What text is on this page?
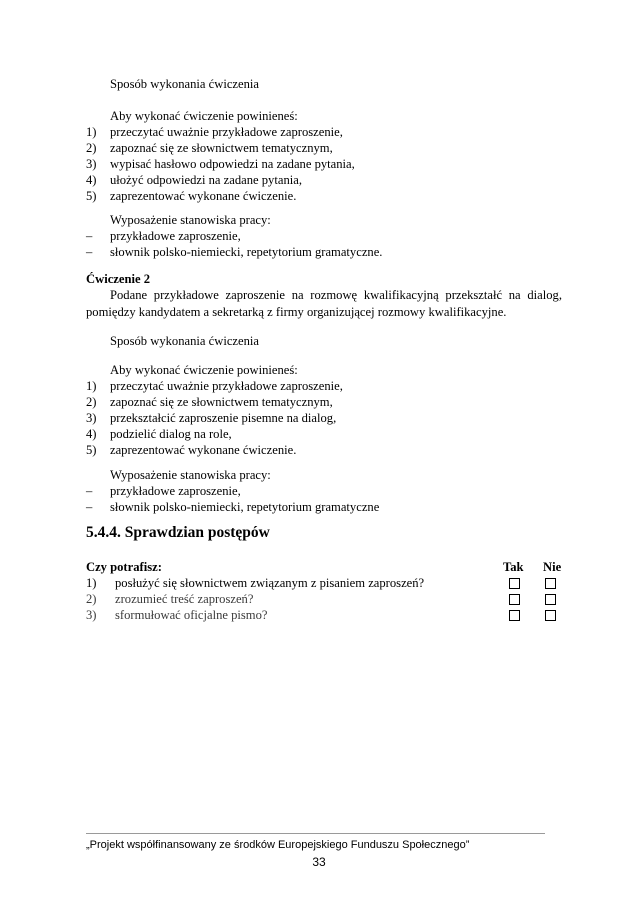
Sposób wykonania ćwiczenia
Aby wykonać ćwiczenie powinieneś:
1) przeczytać uważnie przykładowe zaproszenie,
2) zapoznać się ze słownictwem tematycznym,
3) wypisać hasłowo odpowiedzi na zadane pytania,
4) ułożyć odpowiedzi na zadane pytania,
5) zaprezentować wykonane ćwiczenie.
Wyposażenie stanowiska pracy:
– przykładowe zaproszenie,
– słownik polsko-niemiecki, repetytorium gramatyczne.
Ćwiczenie 2
Podane przykładowe zaproszenie na rozmowę kwalifikacyjną przekształć na dialog, pomiędzy kandydatem a sekretarką z firmy organizującej rozmowy kwalifikacyjne.
Sposób wykonania ćwiczenia
Aby wykonać ćwiczenie powinieneś:
1) przeczytać uważnie przykładowe zaproszenie,
2) zapoznać się ze słownictwem tematycznym,
3) przekształcić zaproszenie pisemne na dialog,
4) podzielić dialog na role,
5) zaprezentować wykonane ćwiczenie.
Wyposażenie stanowiska pracy:
– przykładowe zaproszenie,
– słownik polsko-niemiecki, repetytorium gramatyczne
5.4.4. Sprawdzian postępów
Czy potrafisz:	Tak Nie
1) posłużyć się słownictwem związanym z pisaniem zaproszeń?
2) zrozumieć treść zaproszeń?
3) sformułować oficjalne pismo?
„Projekt współfinansowany ze środków Europejskiego Funduszu Społecznego”
33
